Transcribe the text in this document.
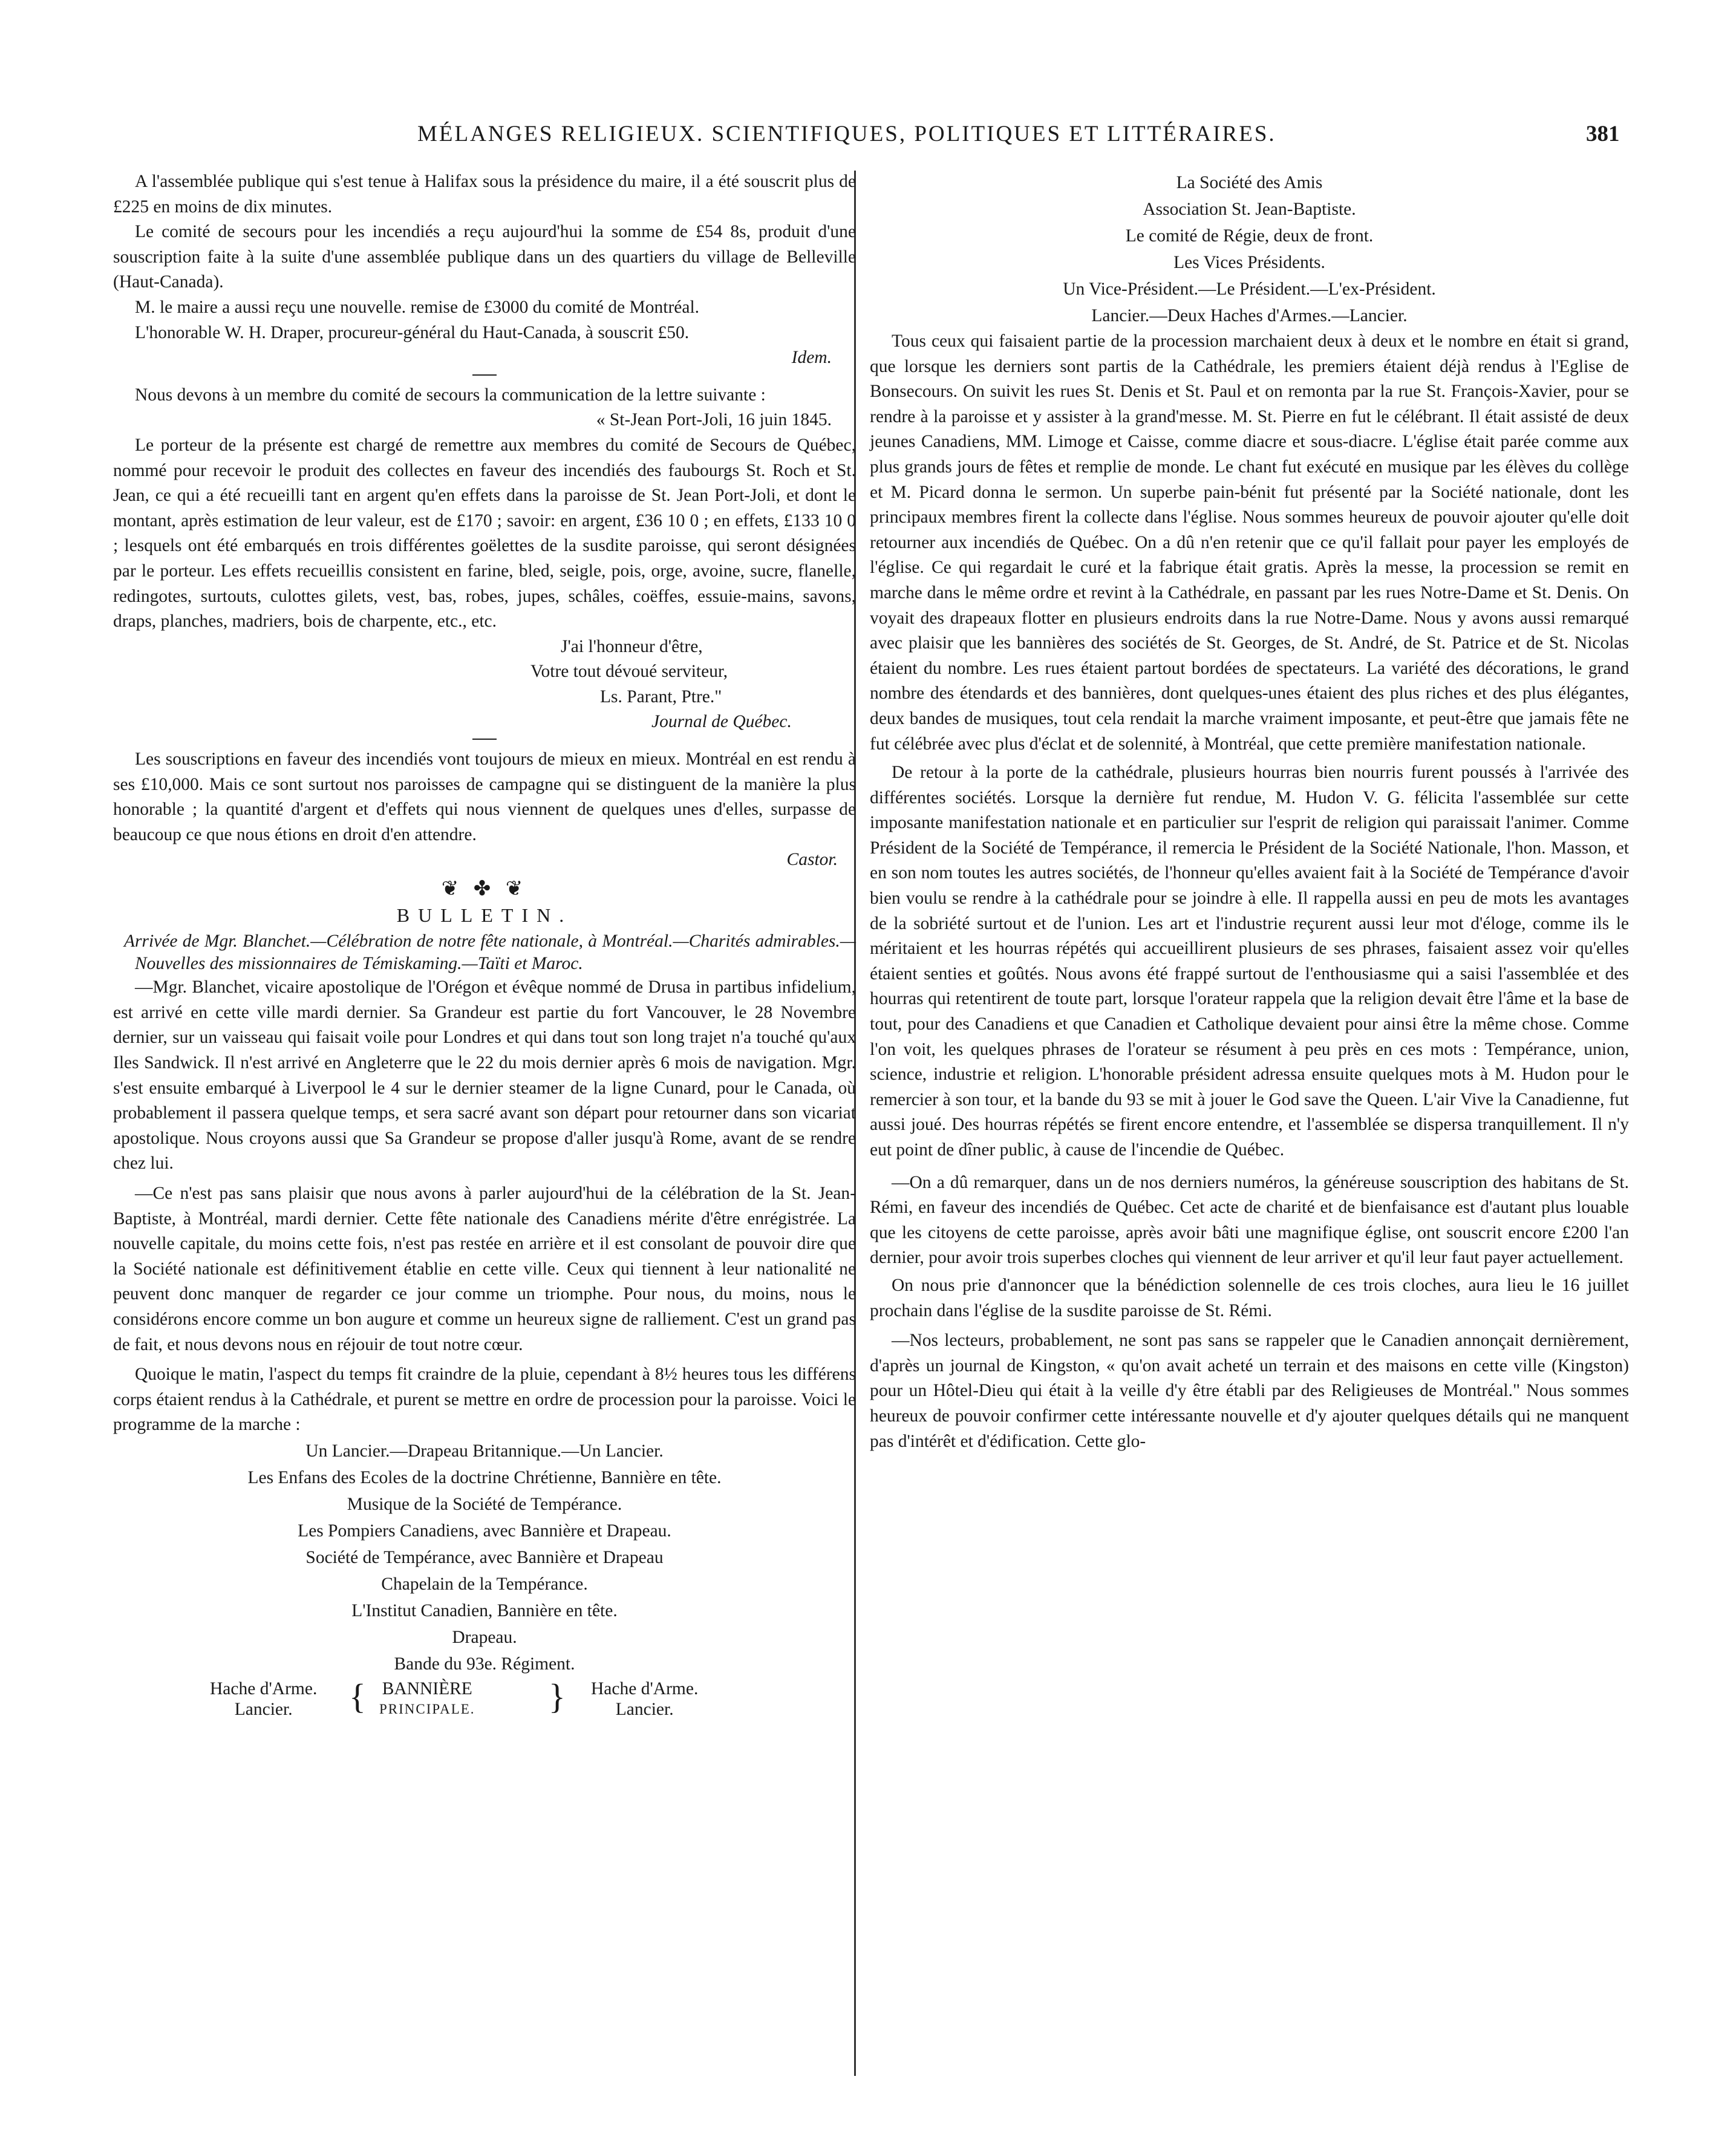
MÉLANGES RELIGIEUX. SCIENTIFIQUES, POLITIQUES ET LITTÉRAIRES.	381

A l'assemblée publique qui s'est tenue à Halifax sous la présidence du maire, il a été souscrit plus de £225 en moins de dix minutes.

Le comité de secours pour les incendiés a reçu aujourd'hui la somme de £54 8s, produit d'une souscription faite à la suite d'une assemblée publique dans un des quartiers du village de Belleville (Haut-Canada).

M. le maire a aussi reçu une nouvelle. remise de £3000 du comité de Montréal.

L'honorable W. H. Draper, procureur-général du Haut-Canada, à souscrit £50.

Idem.

Nous devons à un membre du comité de secours la communication de la lettre suivante :

« St-Jean Port-Joli, 16 juin 1845.

Le porteur de la présente est chargé de remettre aux membres du comité de Secours de Québec, nommé pour recevoir le produit des collectes en faveur des incendiés des faubourgs St. Roch et St. Jean, ce qui a été recueilli tant en argent qu'en effets dans la paroisse de St. Jean Port-Joli, et dont le montant, après estimation de leur valeur, est de £170 ; savoir: en argent, £36 10 0 ; en effets, £133 10 0 ; lesquels ont été embarqués en trois différentes goëlettes de la susdite paroisse, qui seront désignées par le porteur. Les effets recueillis consistent en farine, bled, seigle, pois, orge, avoine, sucre, flanelle, redingotes, surtouts, culottes gilets, vest, bas, robes, jupes, schâles, coëffes, essuie-mains, savons, draps, planches, madriers, bois de charpente, etc., etc.

J'ai l'honneur d'être,

Votre tout dévoué serviteur,

Ls. Parant, Ptre."

Journal de Québec.

Les souscriptions en faveur des incendiés vont toujours de mieux en mieux. Montréal en est rendu à ses £10,000. Mais ce sont surtout nos paroisses de campagne qui se distinguent de la manière la plus honorable ; la quantité d'argent et d'effets qui nous viennent de quelques unes d'elles, surpasse de beaucoup ce que nous étions en droit d'en attendre.

Castor.

❦ ✤ ❦
BULLETIN.

Arrivée de Mgr. Blanchet.—Célébration de notre fête nationale, à Montréal.—Charités admirables.—Nouvelles des missionnaires de Témiskaming.—Taïti et Maroc.

—Mgr. Blanchet, vicaire apostolique de l'Orégon et évêque nommé de Drusa in partibus infidelium, est arrivé en cette ville mardi dernier. Sa Grandeur est partie du fort Vancouver, le 28 Novembre dernier, sur un vaisseau qui faisait voile pour Londres et qui dans tout son long trajet n'a touché qu'aux Iles Sandwick. Il n'est arrivé en Angleterre que le 22 du mois dernier après 6 mois de navigation. Mgr. s'est ensuite embarqué à Liverpool le 4 sur le dernier steamer de la ligne Cunard, pour le Canada, où probablement il passera quelque temps, et sera sacré avant son départ pour retourner dans son vicariat apostolique. Nous croyons aussi que Sa Grandeur se propose d'aller jusqu'à Rome, avant de se rendre chez lui.

—Ce n'est pas sans plaisir que nous avons à parler aujourd'hui de la célébration de la St. Jean-Baptiste, à Montréal, mardi dernier. Cette fête nationale des Canadiens mérite d'être enrégistrée. La nouvelle capitale, du moins cette fois, n'est pas restée en arrière et il est consolant de pouvoir dire que la Société nationale est définitivement établie en cette ville. Ceux qui tiennent à leur nationalité ne peuvent donc manquer de regarder ce jour comme un triomphe. Pour nous, du moins, nous le considérons encore comme un bon augure et comme un heureux signe de ralliement. C'est un grand pas de fait, et nous devons nous en réjouir de tout notre cœur.

Quoique le matin, l'aspect du temps fit craindre de la pluie, cependant à 8½ heures tous les différens corps étaient rendus à la Cathédrale, et purent se mettre en ordre de procession pour la paroisse. Voici le programme de la marche :

Un Lancier.—Drapeau Britannique.—Un Lancier.
Les Enfans des Ecoles de la doctrine Chrétienne, Bannière en tête.
Musique de la Société de Tempérance.
Les Pompiers Canadiens, avec Bannière et Drapeau.
Société de Tempérance, avec Bannière et Drapeau
Chapelain de la Tempérance.
L'Institut Canadien, Bannière en tête.
Drapeau.
Bande du 93e. Régiment.
Hache d'Arme.
Lancier.	{ BANNIÈRE
PRINCIPALE. } Hache d'Arme.
Lancier.
La Société des Amis
Association St. Jean-Baptiste.
Le comité de Régie, deux de front.
Les Vices Présidents.
Un Vice-Président.—Le Président.—L'ex-Président.
Lancier.—Deux Haches d'Armes.—Lancier.

Tous ceux qui faisaient partie de la procession marchaient deux à deux et le nombre en était si grand, que lorsque les derniers sont partis de la Cathédrale, les premiers étaient déjà rendus à l'Eglise de Bonsecours. On suivit les rues St. Denis et St. Paul et on remonta par la rue St. François-Xavier, pour se rendre à la paroisse et y assister à la grand'messe. M. St. Pierre en fut le célébrant. Il était assisté de deux jeunes Canadiens, MM. Limoge et Caisse, comme diacre et sous-diacre. L'église était parée comme aux plus grands jours de fêtes et remplie de monde. Le chant fut exécuté en musique par les élèves du collège et M. Picard donna le sermon. Un superbe pain-bénit fut présenté par la Société nationale, dont les principaux membres firent la collecte dans l'église. Nous sommes heureux de pouvoir ajouter qu'elle doit retourner aux incendiés de Québec. On a dû n'en retenir que ce qu'il fallait pour payer les employés de l'église. Ce qui regardait le curé et la fabrique était gratis. Après la messe, la procession se remit en marche dans le même ordre et revint à la Cathédrale, en passant par les rues Notre-Dame et St. Denis. On voyait des drapeaux flotter en plusieurs endroits dans la rue Notre-Dame. Nous y avons aussi remarqué avec plaisir que les bannières des sociétés de St. Georges, de St. André, de St. Patrice et de St. Nicolas étaient du nombre. Les rues étaient partout bordées de spectateurs. La variété des décorations, le grand nombre des étendards et des bannières, dont quelques-unes étaient des plus riches et des plus élégantes, deux bandes de musiques, tout cela rendait la marche vraiment imposante, et peut-être que jamais fête ne fut célébrée avec plus d'éclat et de solennité, à Montréal, que cette première manifestation nationale.

De retour à la porte de la cathédrale, plusieurs hourras bien nourris furent poussés à l'arrivée des différentes sociétés. Lorsque la dernière fut rendue, M. Hudon V. G. félicita l'assemblée sur cette imposante manifestation nationale et en particulier sur l'esprit de religion qui paraissait l'animer. Comme Président de la Société de Tempérance, il remercia le Président de la Société Nationale, l'hon. Masson, et en son nom toutes les autres sociétés, de l'honneur qu'elles avaient fait à la Société de Tempérance d'avoir bien voulu se rendre à la cathédrale pour se joindre à elle. Il rappella aussi en peu de mots les avantages de la sobriété surtout et de l'union. Les art et l'industrie reçurent aussi leur mot d'éloge, comme ils le méritaient et les hourras répétés qui accueillirent plusieurs de ses phrases, faisaient assez voir qu'elles étaient senties et goûtés. Nous avons été frappé surtout de l'enthousiasme qui a saisi l'assemblée et des hourras qui retentirent de toute part, lorsque l'orateur rappela que la religion devait être l'âme et la base de tout, pour des Canadiens et que Canadien et Catholique devaient pour ainsi être la même chose. Comme l'on voit, les quelques phrases de l'orateur se résument à peu près en ces mots : Tempérance, union, science, industrie et religion. L'honorable président adressa ensuite quelques mots à M. Hudon pour le remercier à son tour, et la bande du 93 se mit à jouer le God save the Queen. L'air Vive la Canadienne, fut aussi joué. Des hourras répétés se firent encore entendre, et l'assemblée se dispersa tranquillement. Il n'y eut point de dîner public, à cause de l'incendie de Québec.

—On a dû remarquer, dans un de nos derniers numéros, la généreuse souscription des habitans de St. Rémi, en faveur des incendiés de Québec. Cet acte de charité et de bienfaisance est d'autant plus louable que les citoyens de cette paroisse, après avoir bâti une magnifique église, ont souscrit encore £200 l'an dernier, pour avoir trois superbes cloches qui viennent de leur arriver et qu'il leur faut payer actuellement.

On nous prie d'annoncer que la bénédiction solennelle de ces trois cloches, aura lieu le 16 juillet prochain dans l'église de la susdite paroisse de St. Rémi.

—Nos lecteurs, probablement, ne sont pas sans se rappeler que le Canadien annonçait dernièrement, d'après un journal de Kingston, « qu'on avait acheté un terrain et des maisons en cette ville (Kingston) pour un Hôtel-Dieu qui était à la veille d'y être établi par des Religieuses de Montréal." Nous sommes heureux de pouvoir confirmer cette intéressante nouvelle et d'y ajouter quelques détails qui ne manquent pas d'intérêt et d'édification. Cette glo-
